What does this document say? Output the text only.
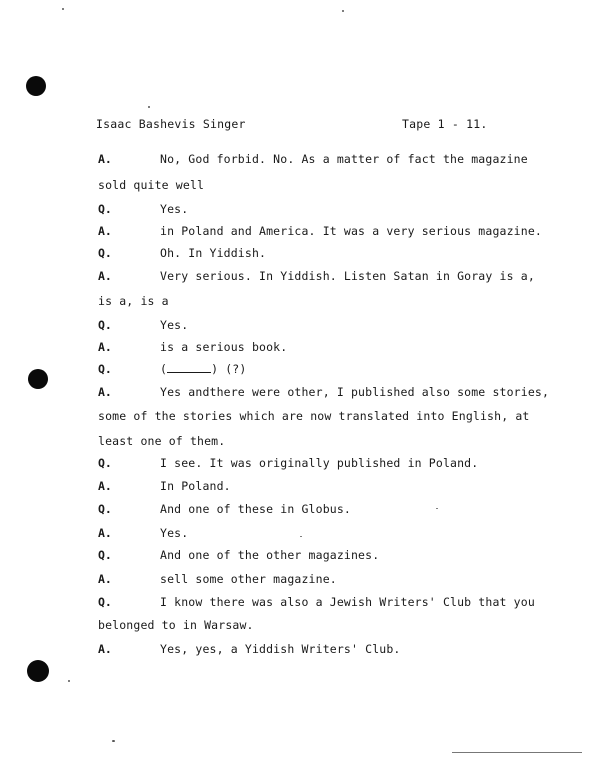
Isaac Bashevis Singer	Tape 1 - 11.
A.	No, God forbid. No. As a matter of fact the magazine
sold quite well
Q.	Yes.
A.	in Poland and America. It was a very serious magazine.
Q.	Oh. In Yiddish.
A.	Very serious. In Yiddish. Listen Satan in Goray is a,
is a, is a
Q.	Yes.
A.	is a serious book.
Q.	(	) (?)
A.	Yes andthere were other, I published also some stories,
some of the stories which are now translated into English, at
least one of them.
Q.	I see. It was originally published in Poland.
A.	In Poland.
Q.	And one of these in Globus.
A.	Yes.
Q.	And one of the other magazines.
A.	sell some other magazine.
Q.	I know there was also a Jewish Writers' Club that you
belonged to in Warsaw.
A.	Yes, yes, a Yiddish Writers' Club.
